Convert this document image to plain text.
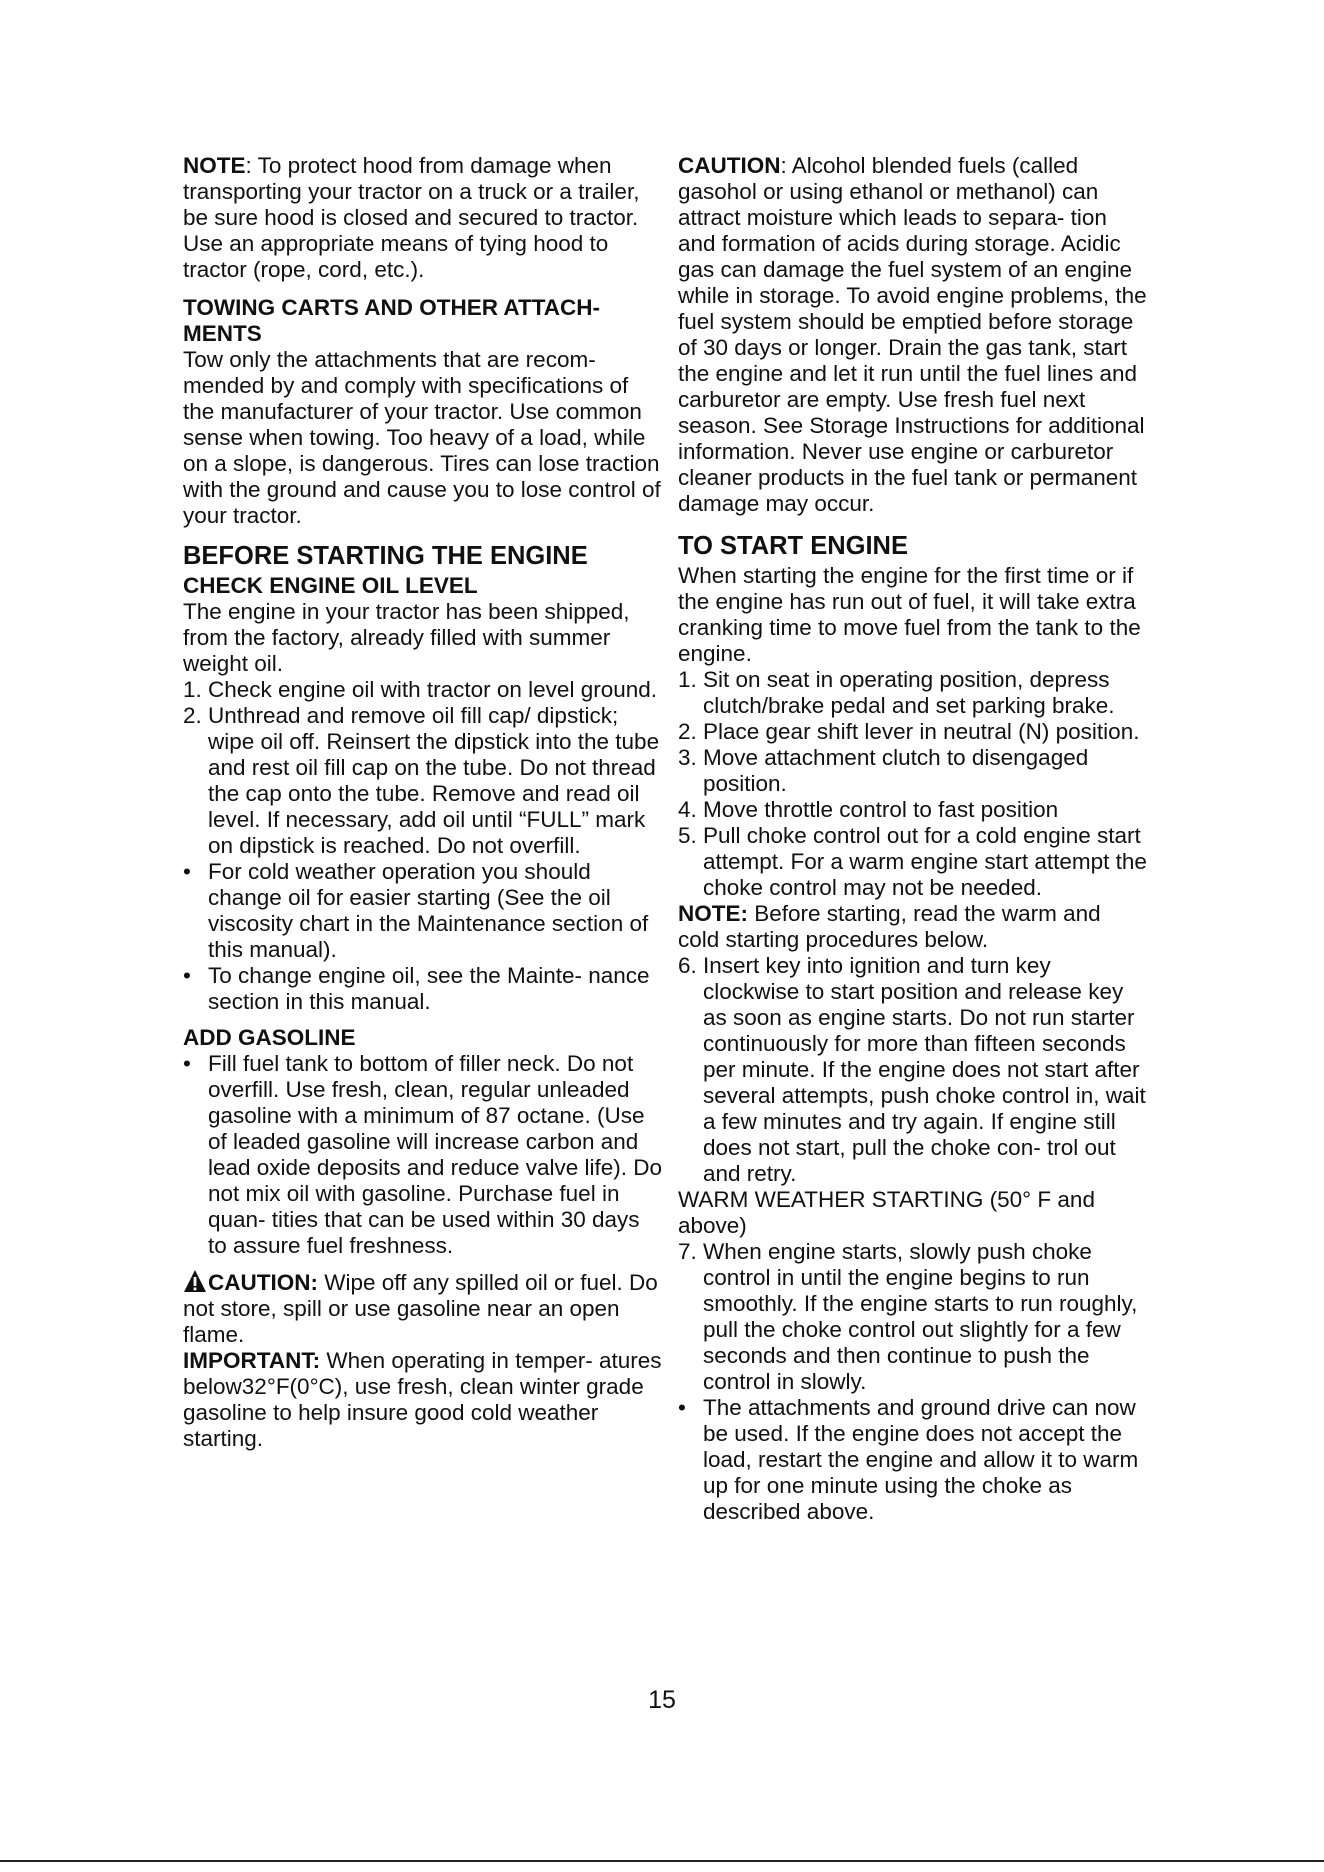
NOTE: To protect hood from damage when transporting your tractor on a truck or a trailer, be sure hood is closed and secured to tractor. Use an appropriate means of tying hood to tractor (rope, cord, etc.).

TOWING CARTS AND OTHER ATTACH- MENTS

Tow only the attachments that are recom- mended by and comply with specifications of the manufacturer of your tractor. Use common sense when towing. Too heavy of a load, while on a slope, is dangerous. Tires can lose traction with the ground and cause you to lose control of your tractor.

BEFORE STARTING THE ENGINE
CHECK ENGINE OIL LEVEL

The engine in your tractor has been shipped, from the factory, already filled with summer weight oil.

1. Check engine oil with tractor on level ground.
2. Unthread and remove oil fill cap/ dipstick; wipe oil off. Reinsert the dipstick into the tube and rest oil fill cap on the tube. Do not thread the cap onto the tube. Remove and read oil level. If necessary, add oil until “FULL” mark on dipstick is reached. Do not overfill.
• For cold weather operation you should change oil for easier starting (See the oil viscosity chart in the Maintenance section of this manual).
• To change engine oil, see the Mainte- nance section in this manual.
ADD GASOLINE
• Fill fuel tank to bottom of filler neck. Do not overfill. Use fresh, clean, regular unleaded gasoline with a minimum of 87 octane. (Use of leaded gasoline will increase carbon and lead oxide deposits and reduce valve life). Do not mix oil with gasoline. Purchase fuel in quan- tities that can be used within 30 days to assure fuel freshness.

CAUTION: Wipe off any spilled oil or fuel. Do not store, spill or use gasoline near an open flame.

IMPORTANT: When operating in temper- atures below32°F(0°C), use fresh, clean winter grade gasoline to help insure good cold weather starting.

CAUTION: Alcohol blended fuels (called gasohol or using ethanol or methanol) can attract moisture which leads to separa- tion and formation of acids during storage. Acidic gas can damage the fuel system of an engine while in storage. To avoid engine problems, the fuel system should be emptied before storage of 30 days or longer. Drain the gas tank, start the engine and let it run until the fuel lines and carburetor are empty. Use fresh fuel next season. See Storage Instructions for additional information. Never use engine or carburetor cleaner products in the fuel tank or permanent damage may occur.

TO START ENGINE

When starting the engine for the first time or if the engine has run out of fuel, it will take extra cranking time to move fuel from the tank to the engine.

1. Sit on seat in operating position, depress clutch/brake pedal and set parking brake.
2. Place gear shift lever in neutral (N) position.
3. Move attachment clutch to disengaged position.
4. Move throttle control to fast position
5. Pull choke control out for a cold engine start attempt. For a warm engine start attempt the choke control may not be needed.

NOTE: Before starting, read the warm and cold starting procedures below.

6. Insert key into ignition and turn key clockwise to start position and release key as soon as engine starts. Do not run starter continuously for more than fifteen seconds per minute. If the engine does not start after several attempts, push choke control in, wait a few minutes and try again. If engine still does not start, pull the choke con- trol out and retry.

WARM WEATHER STARTING (50° F and above)

7. When engine starts, slowly push choke control in until the engine begins to run smoothly. If the engine starts to run roughly, pull the choke control out slightly for a few seconds and then continue to push the control in slowly.
• The attachments and ground drive can now be used. If the engine does not accept the load, restart the engine and allow it to warm up for one minute using the choke as described above.
15
